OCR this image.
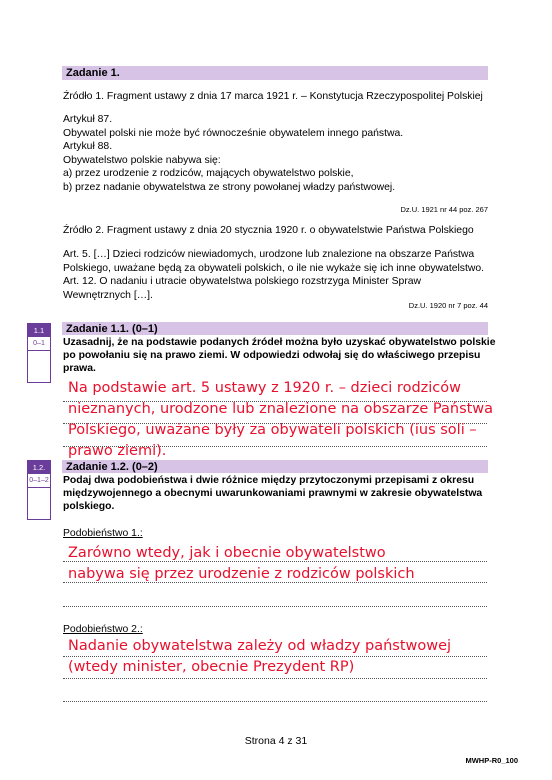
Zadanie 1.
Źródło 1. Fragment ustawy z dnia 17 marca 1921 r. – Konstytucja Rzeczypospolitej Polskiej
Artykuł 87.
Obywatel polski nie może być równocześnie obywatelem innego państwa.
Artykuł 88.
Obywatelstwo polskie nabywa się:
a) przez urodzenie z rodziców, mających obywatelstwo polskie,
b) przez nadanie obywatelstwa ze strony powołanej władzy państwowej.
Dz.U. 1921 nr 44 poz. 267
Źródło 2. Fragment ustawy z dnia 20 stycznia 1920 r. o obywatelstwie Państwa Polskiego
Art. 5. […] Dzieci rodziców niewiadomych, urodzone lub znalezione na obszarze Państwa
Polskiego, uważane będą za obywateli polskich, o ile nie wykaże się ich inne obywatelstwo.
Art. 12. O nadaniu i utracie obywatelstwa polskiego rozstrzyga Minister Spraw
Wewnętrznych […].
Dz.U. 1920 nr 7 poz. 44
1.1
0–1
Zadanie 1.1. (0–1)
Uzasadnij, że na podstawie podanych źródeł można było uzyskać obywatelstwo polskie
po powołaniu się na prawo ziemi. W odpowiedzi odwołaj się do właściwego przepisu
prawa.
Na podstawie art. 5 ustawy z 1920 r. – dzieci rodziców
nieznanych, urodzone lub znalezione na obszarze Państwa
Polskiego, uważane były za obywateli polskich (ius soli –
prawo ziemi).
1.2.
0–1–2
Zadanie 1.2. (0–2)
Podaj dwa podobieństwa i dwie różnice między przytoczonymi przepisami z okresu
międzywojennego a obecnymi uwarunkowaniami prawnymi w zakresie obywatelstwa
polskiego.
Podobieństwo 1.:
Zarówno wtedy, jak i obecnie obywatelstwo
nabywa się przez urodzenie z rodziców polskich
Podobieństwo 2.:
Nadanie obywatelstwa zależy od władzy państwowej
(wtedy minister, obecnie Prezydent RP)
Strona 4 z 31
MWHP-R0_100
